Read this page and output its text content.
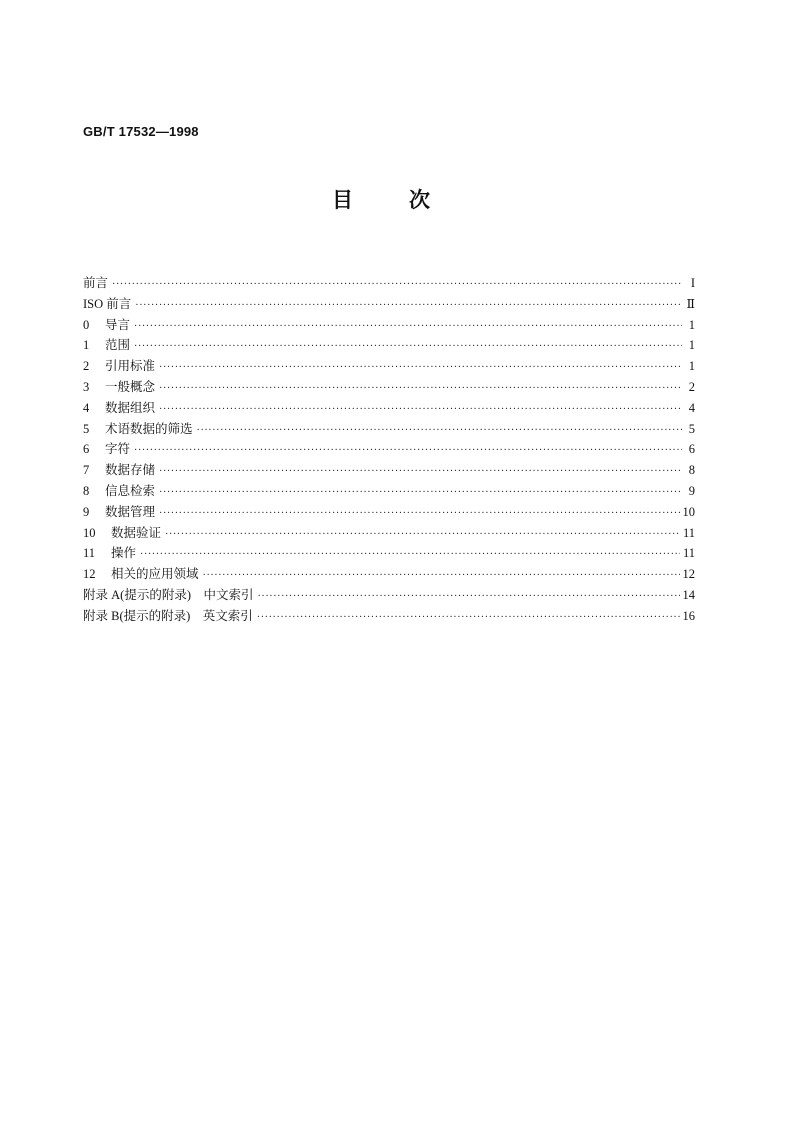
GB/T 17532—1998
目	次
前言 ·····	I
ISO 前言 ·····	Ⅱ
0	导言 ·····	1
1	范围 ·····	1
2	引用标准 ·····	1
3	一般概念 ·····	2
4	数据组织 ·····	4
5	术语数据的筛选 ·····	5
6	字符 ·····	6
7	数据存储 ·····	8
8	信息检索 ·····	9
9	数据管理 ·····	10
10	数据验证 ·····	11
11	操作 ·····	11
12	相关的应用领域 ·····	12
附录 A(提示的附录)　中文索引 ·····	14
附录 B(提示的附录)　英文索引 ·····	16
